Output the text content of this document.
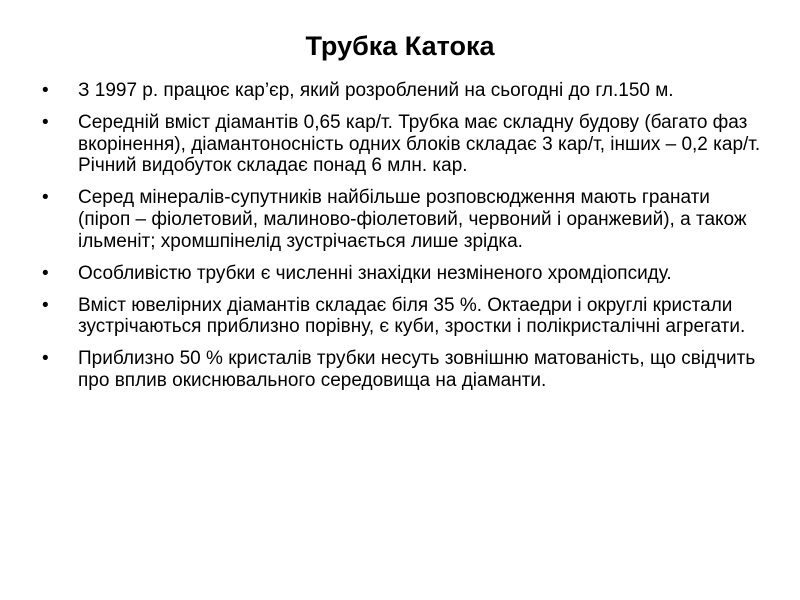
Трубка Катока
• З 1997 р. працює кар’єр, який розроблений на сьогодні до гл.150 м.
• Середній вміст діамантів 0,65 кар/т. Трубка має складну будову (багато фаз вкорінення), діамантоносність одних блоків складає 3 кар/т, інших – 0,2 кар/т. Річний видобуток складає понад 6 млн. кар.
• Серед мінералів-супутників найбільше розповсюдження мають гранати (піроп – фіолетовий, малиново-фіолетовий, червоний і оранжевий), а також ільменіт; хромшпінелід зустрічається лише зрідка.
• Особливістю трубки є численні знахідки незміненого хромдіопсиду.
• Вміст ювелірних діамантів складає біля 35 %. Октаедри і округлі кристали зустрічаються приблизно порівну, є куби, зростки і полікристалічні агрегати.
• Приблизно 50 % кристалів трубки несуть зовнішню матованість, що свідчить про вплив окиснювального середовища на діаманти.
